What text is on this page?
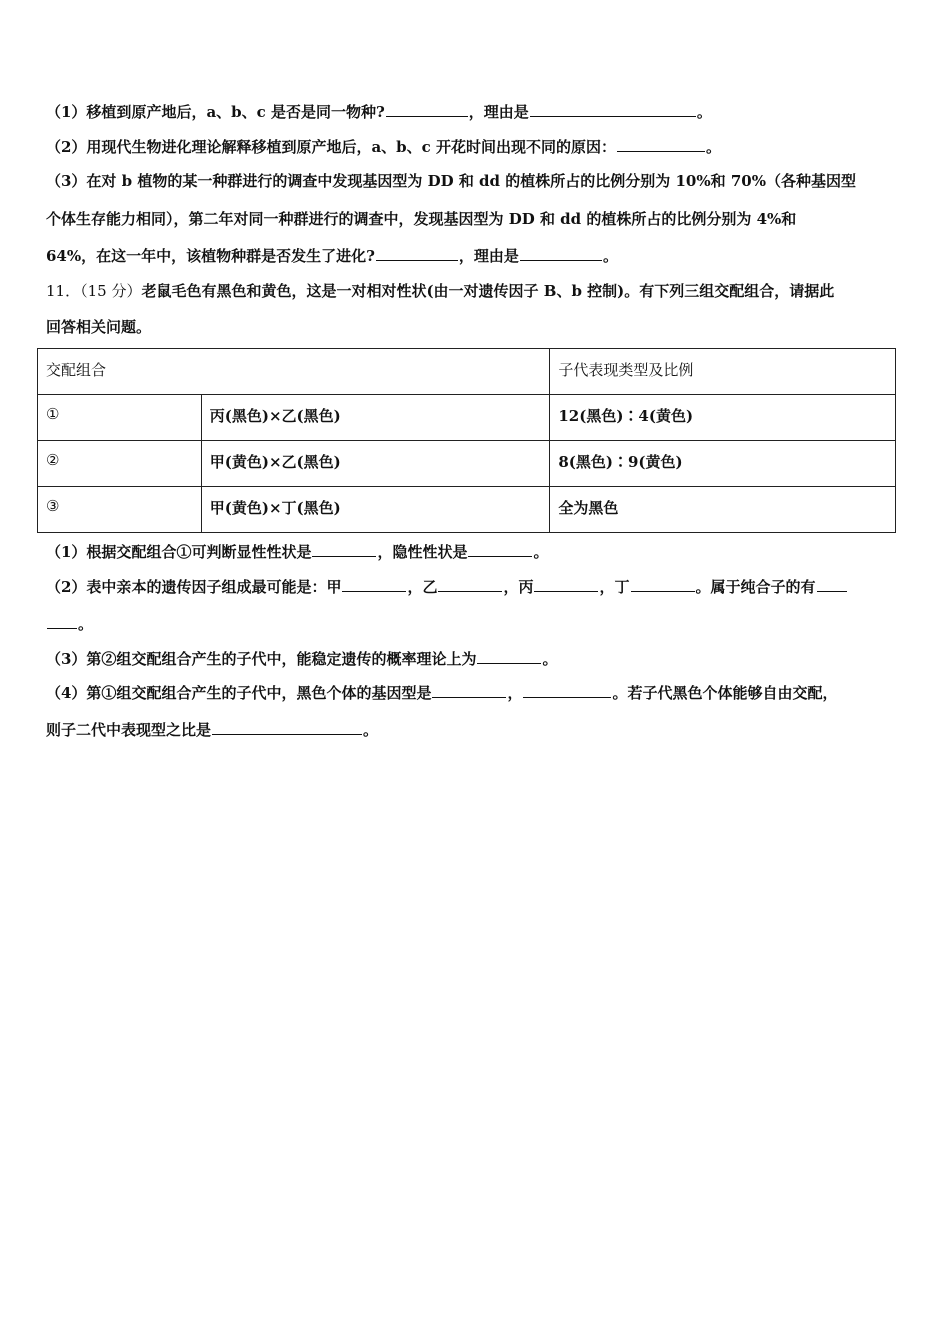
（1）移植到原产地后，a、b、c 是否是同一物种?	，理由是	。
（2）用现代生物进化理论解释移植到原产地后，a、b、c 开花时间出现不同的原因：	。
（3）在对 b 植物的某一种群进行的调查中发现基因型为 DD 和 dd 的植株所占的比例分别为 10%和 70%（各种基因型
个体生存能力相同），第二年对同一种群进行的调查中，发现基因型为 DD 和 dd 的植株所占的比例分别为 4%和
64%，在这一年中，该植物种群是否发生了进化?	，理由是	。
11．（15 分）老鼠毛色有黑色和黄色，这是一对相对性状(由一对遗传因子 B、b 控制)。有下列三组交配组合，请据此
回答相关问题。
交配组合		子代表现类型及比例
①	丙(黑色)×乙(黑色)	12(黑色)∶4(黄色)
②	甲(黄色)×乙(黑色)	8(黑色)∶9(黄色)
③	甲(黄色)×丁(黑色)	全为黑色
（1）根据交配组合①可判断显性性状是	，隐性性状是	。
（2）表中亲本的遗传因子组成最可能是：甲	，乙	，丙	，丁	。属于纯合子的有
。
（3）第②组交配组合产生的子代中，能稳定遗传的概率理论上为	。
（4）第①组交配组合产生的子代中，黑色个体的基因型是	，	。若子代黑色个体能够自由交配，
则子二代中表现型之比是	。
